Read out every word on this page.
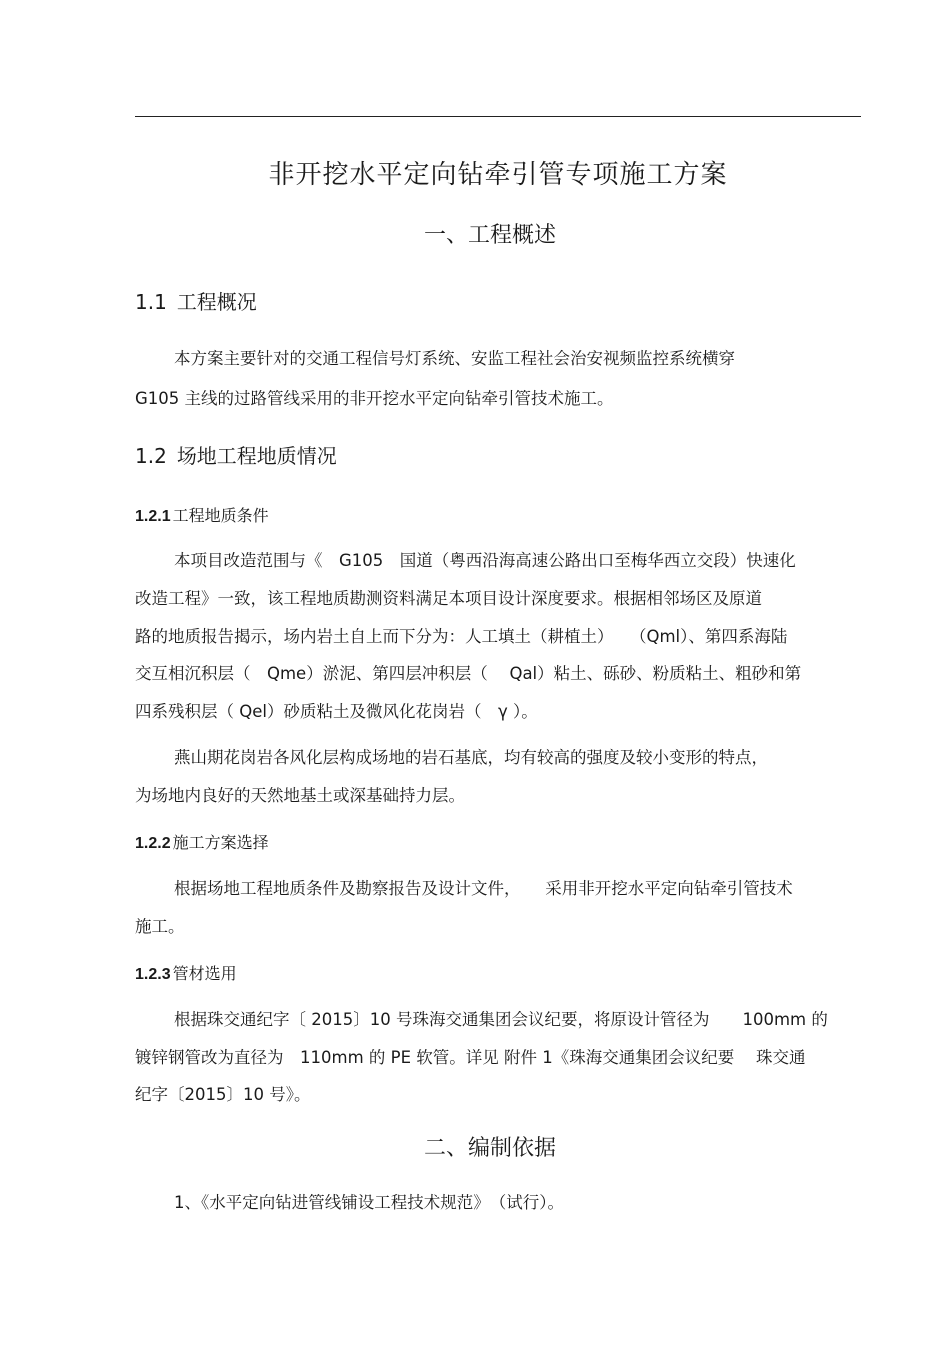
非开挖水平定向钻牵引管专项施工方案
一、工程概述
1.1 工程概况
本方案主要针对的交通工程信号灯系统、安监工程社会治安视频监控系统横穿
G105 主线的过路管线采用的非开挖水平定向钻牵引管技术施工。
1.2 场地工程地质情况
1.2.1 工程地质条件
本项目改造范围与《　G105　国道（粤西沿海高速公路出口至梅华西立交段）快速化
改造工程》一致，该工程地质勘测资料满足本项目设计深度要求。根据相邻场区及原道
路的地质报告揭示，场内岩土自上而下分为：人工填土（耕植土）　　（Qml）、第四系海陆
交互相沉积层（　Qme）淤泥、第四层冲积层（　 Qal）粘土、砾砂、粉质粘土、粗砂和第
四系残积层（ Qel）砂质粘土及微风化花岗岩（　γ ）。
燕山期花岗岩各风化层构成场地的岩石基底，均有较高的强度及较小变形的特点，
为场地内良好的天然地基土或深基础持力层。
1.2.2 施工方案选择
根据场地工程地质条件及勘察报告及设计文件，　　采用非开挖水平定向钻牵引管技术
施工。
1.2.3 管材选用
根据珠交通纪字〔 2015〕10 号珠海交通集团会议纪要，将原设计管径为　　100mm 的
镀锌钢管改为直径为　110mm 的 PE 软管。详见 附件 1《珠海交通集团会议纪要　 珠交通
纪字〔2015〕10 号》。
二、编制依据
1、《水平定向钻进管线铺设工程技术规范》　（试行）。
